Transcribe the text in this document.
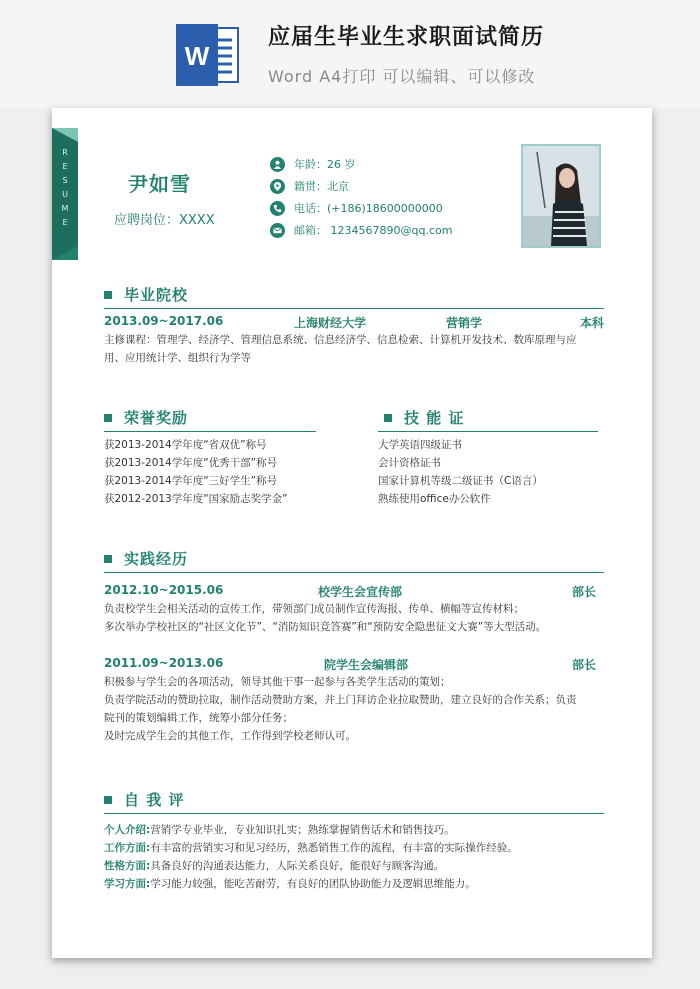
W
应届生毕业生求职面试简历
Word A4打印 可以编辑、可以修改
R
E
S
U
M
E
尹如雪
应聘岗位：XXXX
年龄：26 岁
籍贯：北京
电话：(+186)18600000000
邮箱： 1234567890@qq.com
毕业院校
2013.09~2017.06	上海财经大学	营销学	本科

主修课程：管理学、经济学、管理信息系统、信息经济学、信息检索、计算机开发技术、数库原理与应

用、应用统计学、组织行为学等

荣誉奖励

获2013-2014学年度“省双优”称号

获2013-2014学年度“优秀干部”称号

获2013-2014学年度“三好学生”称号

获2012-2013学年度“国家励志奖学金”

技 能 证

大学英语四级证书

会计资格证书

国家计算机等级二级证书（C语言）

熟练使用office办公软件

实践经历
2012.10~2015.06	校学生会宣传部	部长

负责校学生会相关活动的宣传工作，带领部门成员制作宣传海报、传单、横幅等宣传材料；

多次举办学校社区的“社区文化节”、“消防知识竞答赛”和“预防安全隐患征文大赛”等大型活动。

2011.09~2013.06	院学生会编辑部	部长

积极参与学生会的各项活动，领导其他干事一起参与各类学生活动的策划；

负责学院活动的赞助拉取，制作活动赞助方案，并上门拜访企业拉取赞助，建立良好的合作关系；负责

院刊的策划编辑工作，统筹小部分任务；

及时完成学生会的其他工作，工作得到学校老师认可。

自 我 评

个人介绍:营销学专业毕业，专业知识扎实；熟练掌握销售话术和销售技巧。

工作方面:有丰富的营销实习和见习经历，熟悉销售工作的流程，有丰富的实际操作经验。

性格方面:具备良好的沟通表达能力，人际关系良好，能很好与顾客沟通。

学习方面:学习能力较强，能吃苦耐劳，有良好的团队协助能力及逻辑思维能力。
